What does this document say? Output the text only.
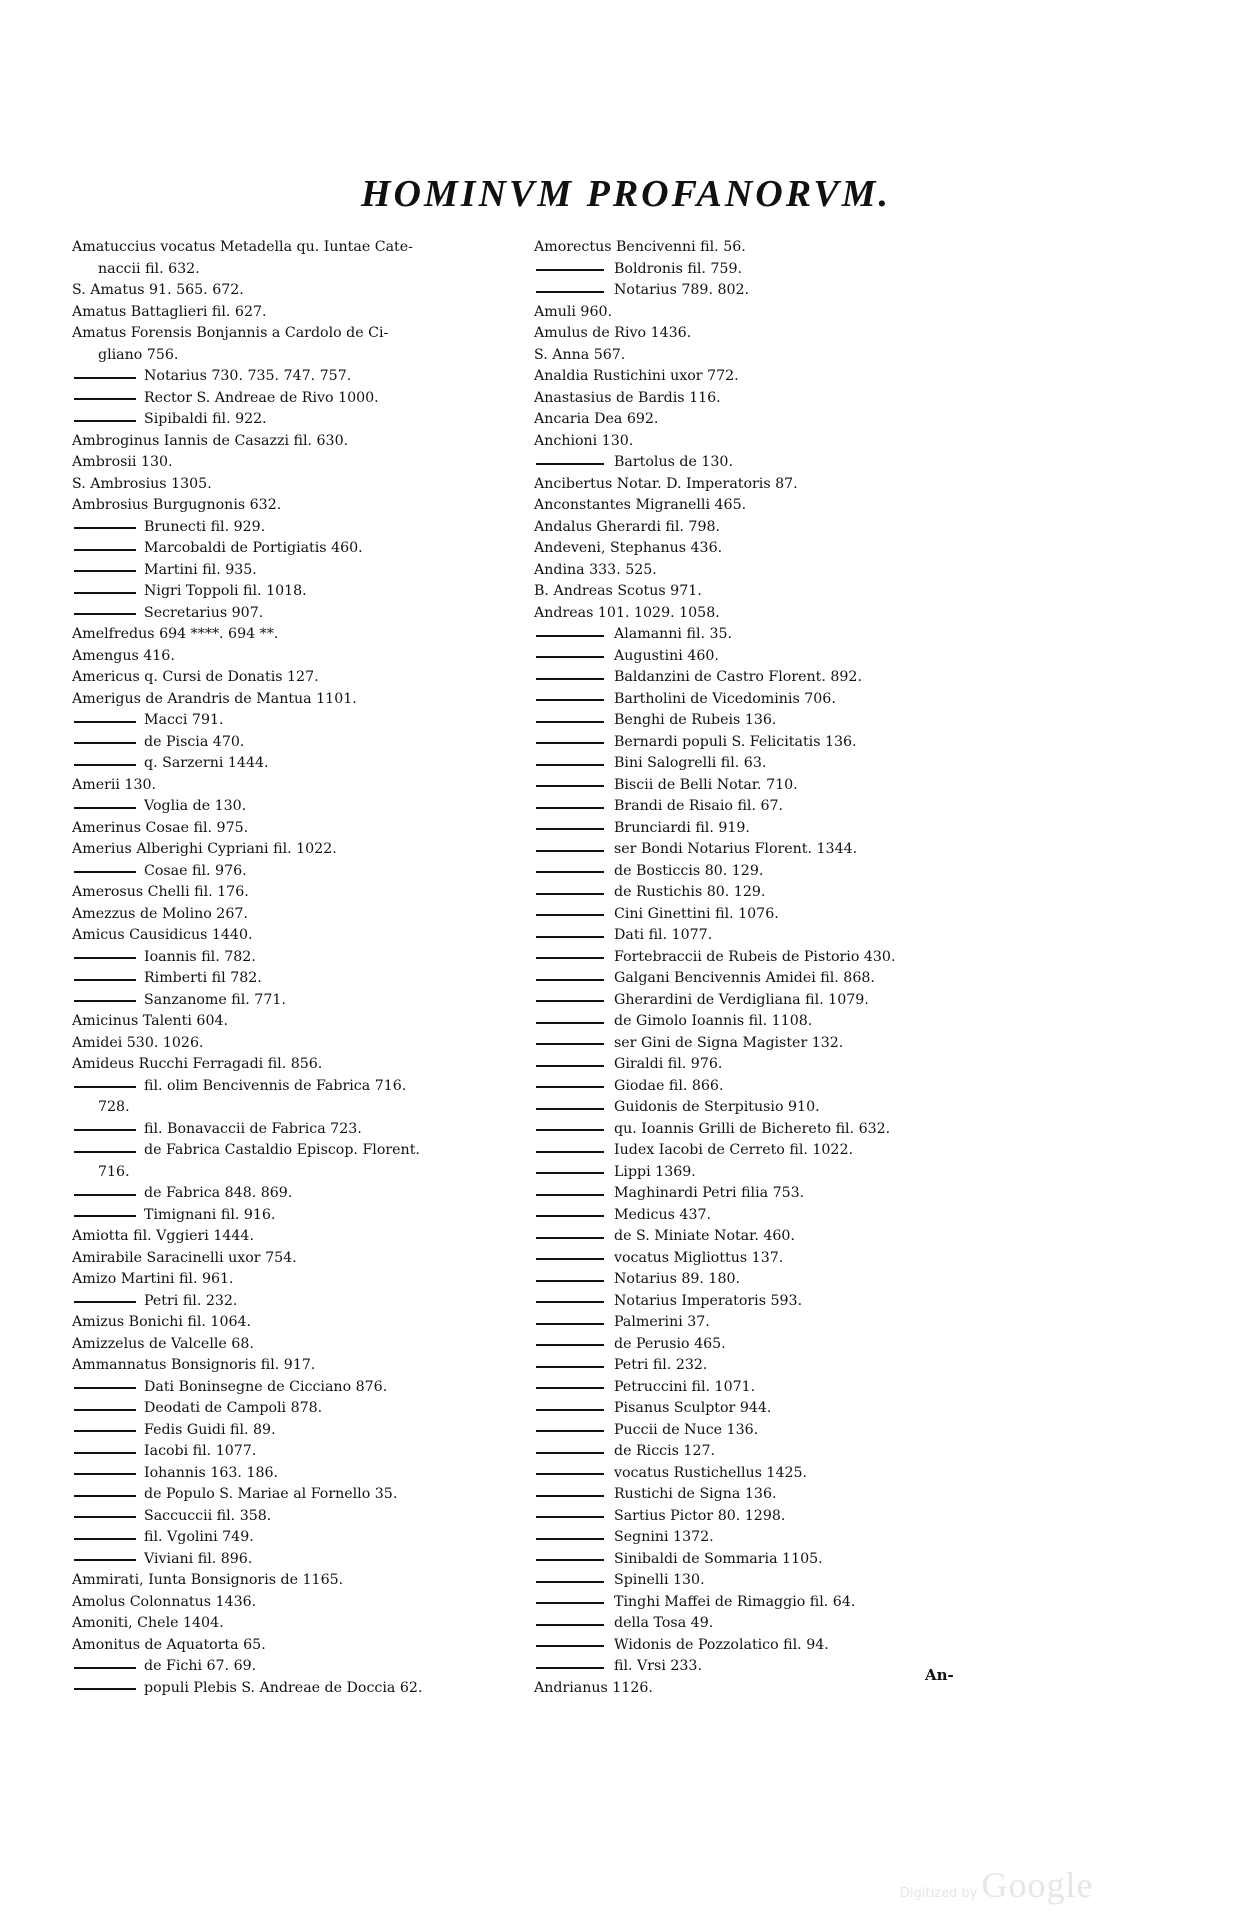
HOMINVM PROFANORVM.
Amatuccius vocatus Metadella qu. Iuntae Cate-
naccii fil. 632.
S. Amatus 91. 565. 672.
Amatus Battaglieri fil. 627.
Amatus Forensis Bonjannis a Cardolo de Ci-
gliano 756.
Notarius 730. 735. 747. 757.
Rector S. Andreae de Rivo 1000.
Sipibaldi fil. 922.
Ambroginus Iannis de Casazzi fil. 630.
Ambrosii 130.
S. Ambrosius 1305.
Ambrosius Burgugnonis 632.
Brunecti fil. 929.
Marcobaldi de Portigiatis 460.
Martini fil. 935.
Nigri Toppoli fil. 1018.
Secretarius 907.
Amelfredus 694 ****. 694 **.
Amengus 416.
Americus q. Cursi de Donatis 127.
Amerigus de Arandris de Mantua 1101.
Macci 791.
de Piscia 470.
q. Sarzerni 1444.
Amerii 130.
Voglia de 130.
Amerinus Cosae fil. 975.
Amerius Alberighi Cypriani fil. 1022.
Cosae fil. 976.
Amerosus Chelli fil. 176.
Amezzus de Molino 267.
Amicus Causidicus 1440.
Ioannis fil. 782.
Rimberti fil 782.
Sanzanome fil. 771.
Amicinus Talenti 604.
Amidei 530. 1026.
Amideus Rucchi Ferragadi fil. 856.
fil. olim Bencivennis de Fabrica 716.
728.
fil. Bonavaccii de Fabrica 723.
de Fabrica Castaldio Episcop. Florent.
716.
de Fabrica 848. 869.
Timignani fil. 916.
Amiotta fil. Vggieri 1444.
Amirabile Saracinelli uxor 754.
Amizo Martini fil. 961.
Petri fil. 232.
Amizus Bonichi fil. 1064.
Amizzelus de Valcelle 68.
Ammannatus Bonsignoris fil. 917.
Dati Boninsegne de Cicciano 876.
Deodati de Campoli 878.
Fedis Guidi fil. 89.
Iacobi fil. 1077.
Iohannis 163. 186.
de Populo S. Mariae al Fornello 35.
Saccuccii fil. 358.
fil. Vgolini 749.
Viviani fil. 896.
Ammirati, Iunta Bonsignoris de 1165.
Amolus Colonnatus 1436.
Amoniti, Chele 1404.
Amonitus de Aquatorta 65.
de Fichi 67. 69.
populi Plebis S. Andreae de Doccia 62.
Amorectus Bencivenni fil. 56.
Boldronis fil. 759.
Notarius 789. 802.
Amuli 960.
Amulus de Rivo 1436.
S. Anna 567.
Analdia Rustichini uxor 772.
Anastasius de Bardis 116.
Ancaria Dea 692.
Anchioni 130.
Bartolus de 130.
Ancibertus Notar. D. Imperatoris 87.
Anconstantes Migranelli 465.
Andalus Gherardi fil. 798.
Andeveni, Stephanus 436.
Andina 333. 525.
B. Andreas Scotus 971.
Andreas 101. 1029. 1058.
Alamanni fil. 35.
Augustini 460.
Baldanzini de Castro Florent. 892.
Bartholini de Vicedominis 706.
Benghi de Rubeis 136.
Bernardi populi S. Felicitatis 136.
Bini Salogrelli fil. 63.
Biscii de Belli Notar. 710.
Brandi de Risaio fil. 67.
Brunciardi fil. 919.
ser Bondi Notarius Florent. 1344.
de Bosticcis 80. 129.
de Rustichis 80. 129.
Cini Ginettini fil. 1076.
Dati fil. 1077.
Fortebraccii de Rubeis de Pistorio 430.
Galgani Bencivennis Amidei fil. 868.
Gherardini de Verdigliana fil. 1079.
de Gimolo Ioannis fil. 1108.
ser Gini de Signa Magister 132.
Giraldi fil. 976.
Giodae fil. 866.
Guidonis de Sterpitusio 910.
qu. Ioannis Grilli de Bichereto fil. 632.
Iudex Iacobi de Cerreto fil. 1022.
Lippi 1369.
Maghinardi Petri filia 753.
Medicus 437.
de S. Miniate Notar. 460.
vocatus Migliottus 137.
Notarius 89. 180.
Notarius Imperatoris 593.
Palmerini 37.
de Perusio 465.
Petri fil. 232.
Petruccini fil. 1071.
Pisanus Sculptor 944.
Puccii de Nuce 136.
de Riccis 127.
vocatus Rustichellus 1425.
Rustichi de Signa 136.
Sartius Pictor 80. 1298.
Segnini 1372.
Sinibaldi de Sommaria 1105.
Spinelli 130.
Tinghi Maffei de Rimaggio fil. 64.
della Tosa 49.
Widonis de Pozzolatico fil. 94.
fil. Vrsi 233.
Andrianus 1126.

An-

Digitized by Google
